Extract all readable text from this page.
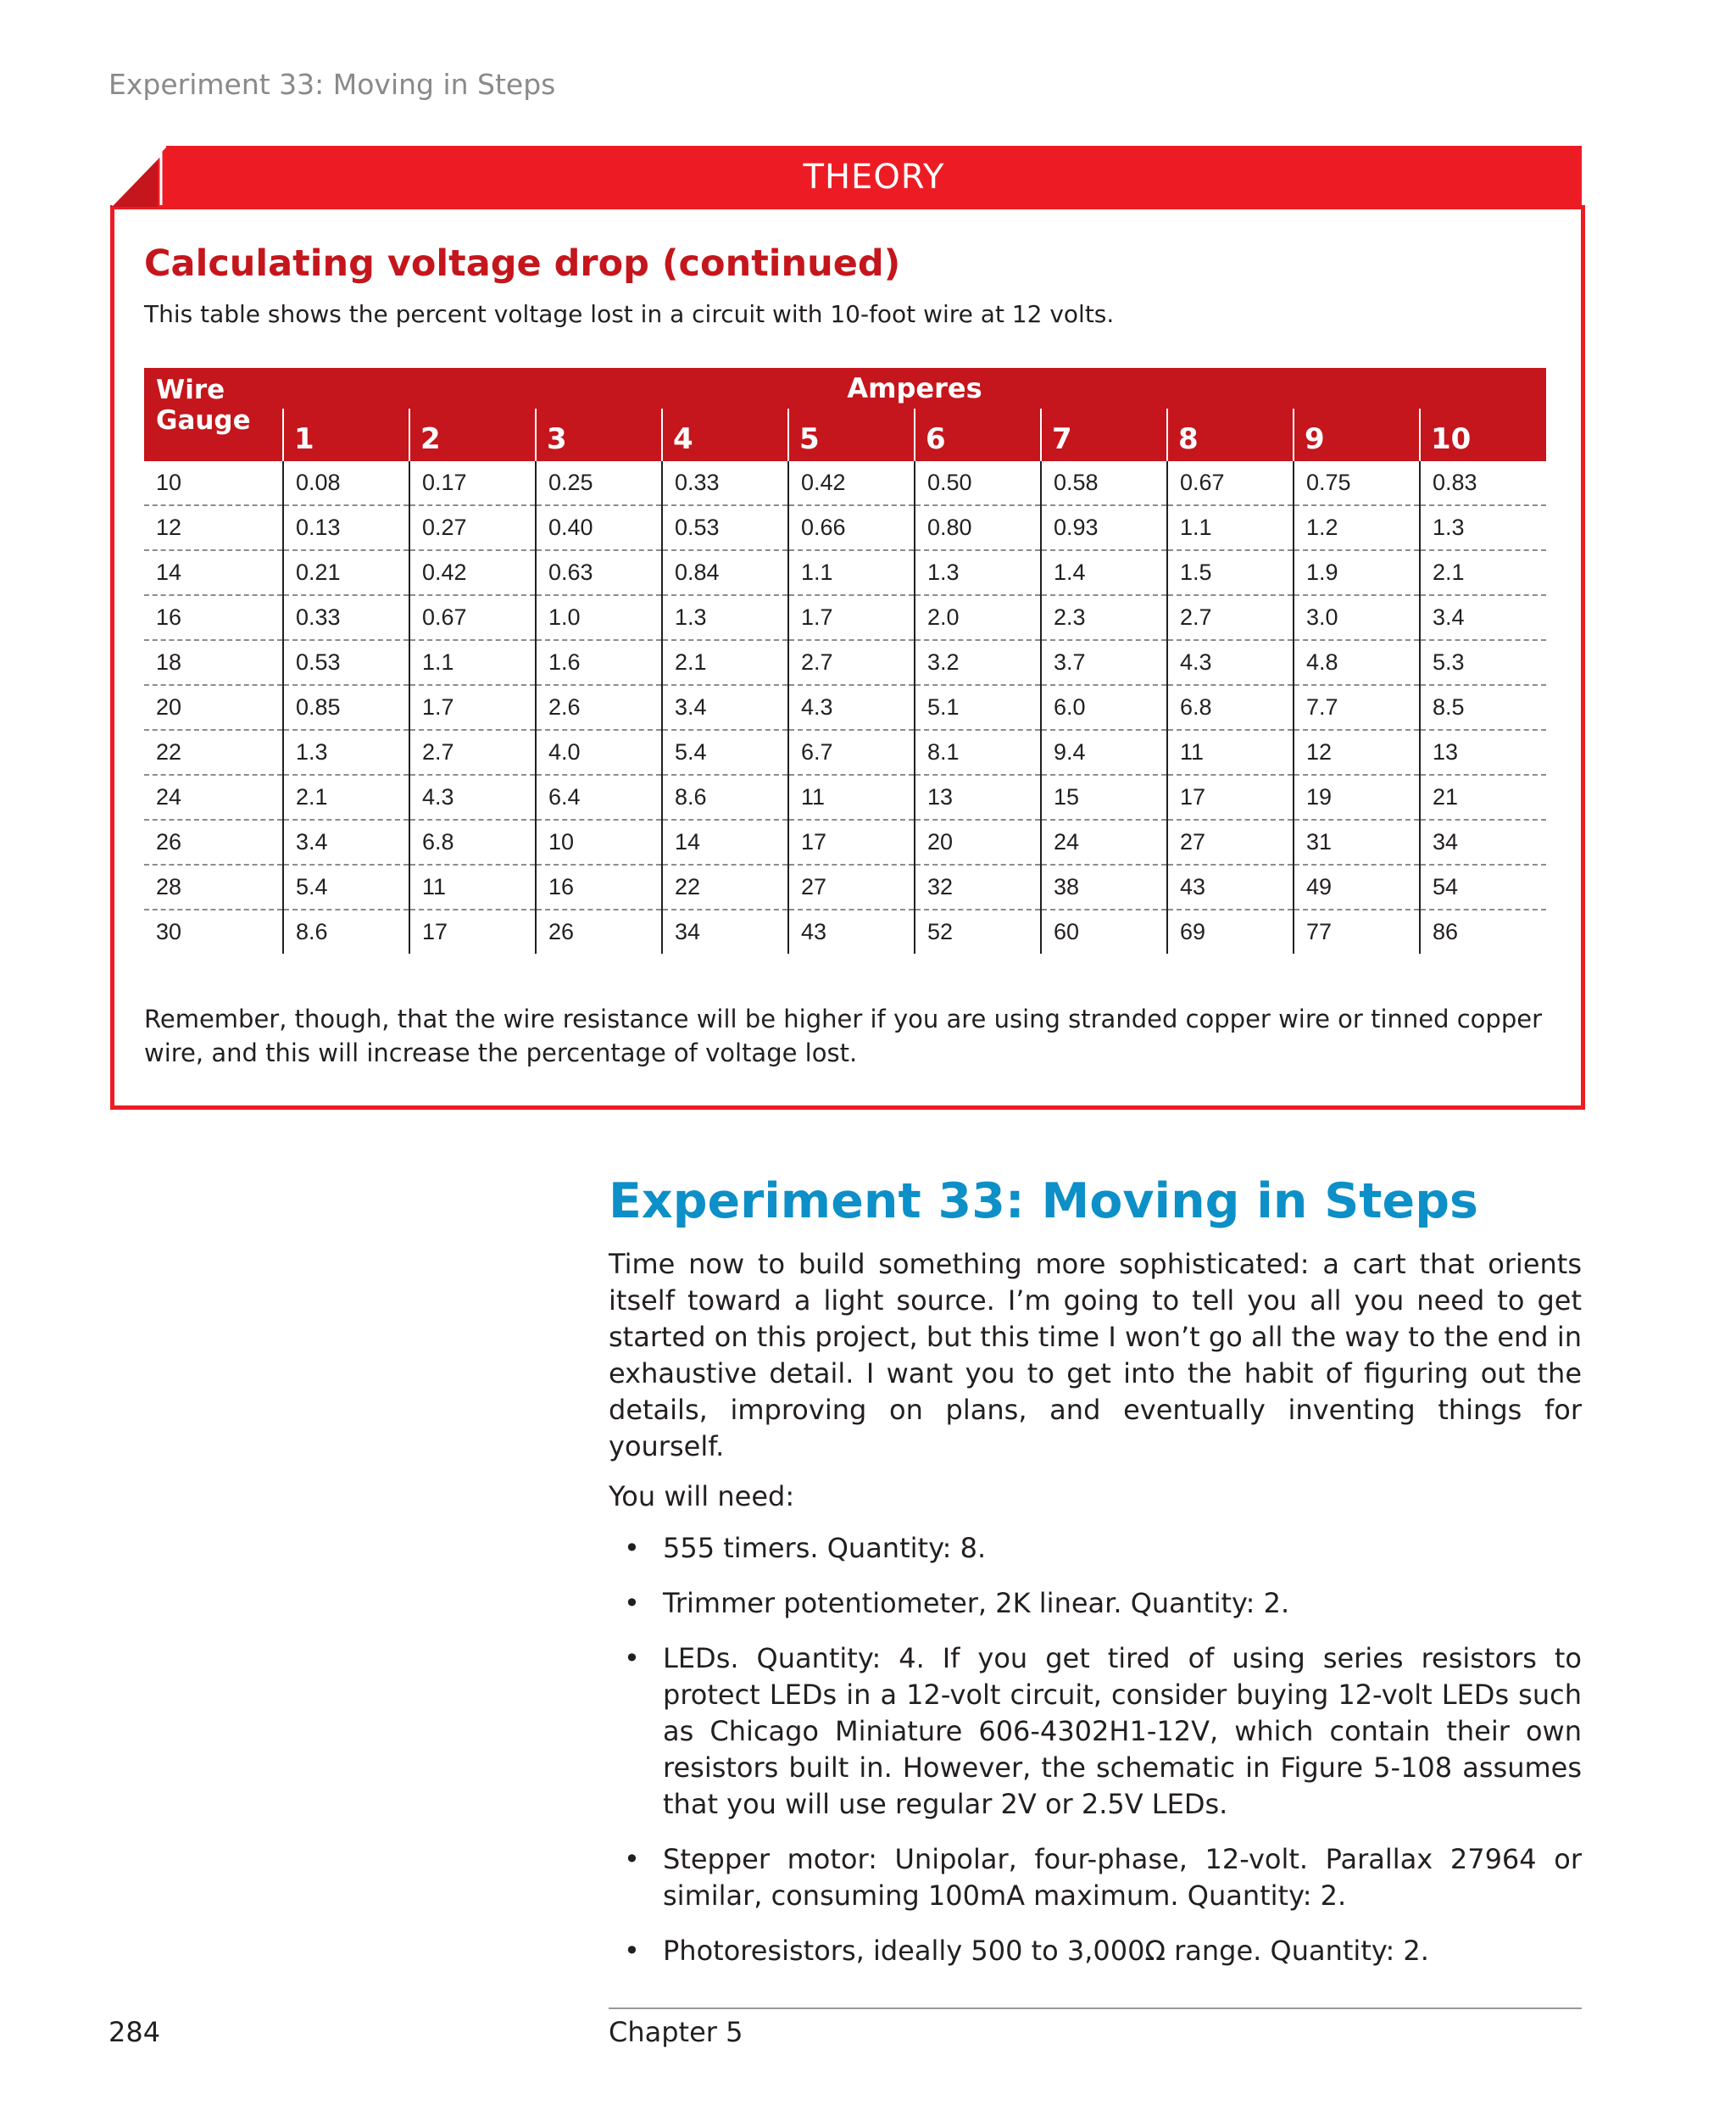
Experiment 33: Moving in Steps
THEORY
Calculating voltage drop (continued)
This table shows the percent voltage lost in a circuit with 10-foot wire at 12 volts.
Wire Gauge	Amperes									
	1	2	3	4	5	6	7	8	9	10
10	0.08	0.17	0.25	0.33	0.42	0.50	0.58	0.67	0.75	0.83
12	0.13	0.27	0.40	0.53	0.66	0.80	0.93	1.1	1.2	1.3
14	0.21	0.42	0.63	0.84	1.1	1.3	1.4	1.5	1.9	2.1
16	0.33	0.67	1.0	1.3	1.7	2.0	2.3	2.7	3.0	3.4
18	0.53	1.1	1.6	2.1	2.7	3.2	3.7	4.3	4.8	5.3
20	0.85	1.7	2.6	3.4	4.3	5.1	6.0	6.8	7.7	8.5
22	1.3	2.7	4.0	5.4	6.7	8.1	9.4	11	12	13
24	2.1	4.3	6.4	8.6	11	13	15	17	19	21
26	3.4	6.8	10	14	17	20	24	27	31	34
28	5.4	11	16	22	27	32	38	43	49	54
30	8.6	17	26	34	43	52	60	69	77	86
Remember, though, that the wire resistance will be higher if you are using stranded copper wire or tinned copper wire, and this will increase the percentage of voltage lost.
Experiment 33: Moving in Steps

Time now to build something more sophisticated: a cart that orients itself toward a light source. I’m going to tell you all you need to get started on this project, but this time I won’t go all the way to the end in exhaustive detail. I want you to get into the habit of figuring out the details, improving on plans, and eventually inventing things for yourself.

You will need:

• 555 timers. Quantity: 8.
• Trimmer potentiometer, 2K linear. Quantity: 2.
• LEDs. Quantity: 4. If you get tired of using series resistors to protect LEDs in a 12-volt circuit, consider buying 12-volt LEDs such as Chicago Miniature 606-4302H1-12V, which contain their own resistors built in. However, the schematic in Figure 5-108 assumes that you will use regular 2V or 2.5V LEDs.
• Stepper motor: Unipolar, four-phase, 12-volt. Parallax 27964 or similar, consuming 100mA maximum. Quantity: 2.
• Photoresistors, ideally 500 to 3,000Ω range. Quantity: 2.
284	Chapter 5
